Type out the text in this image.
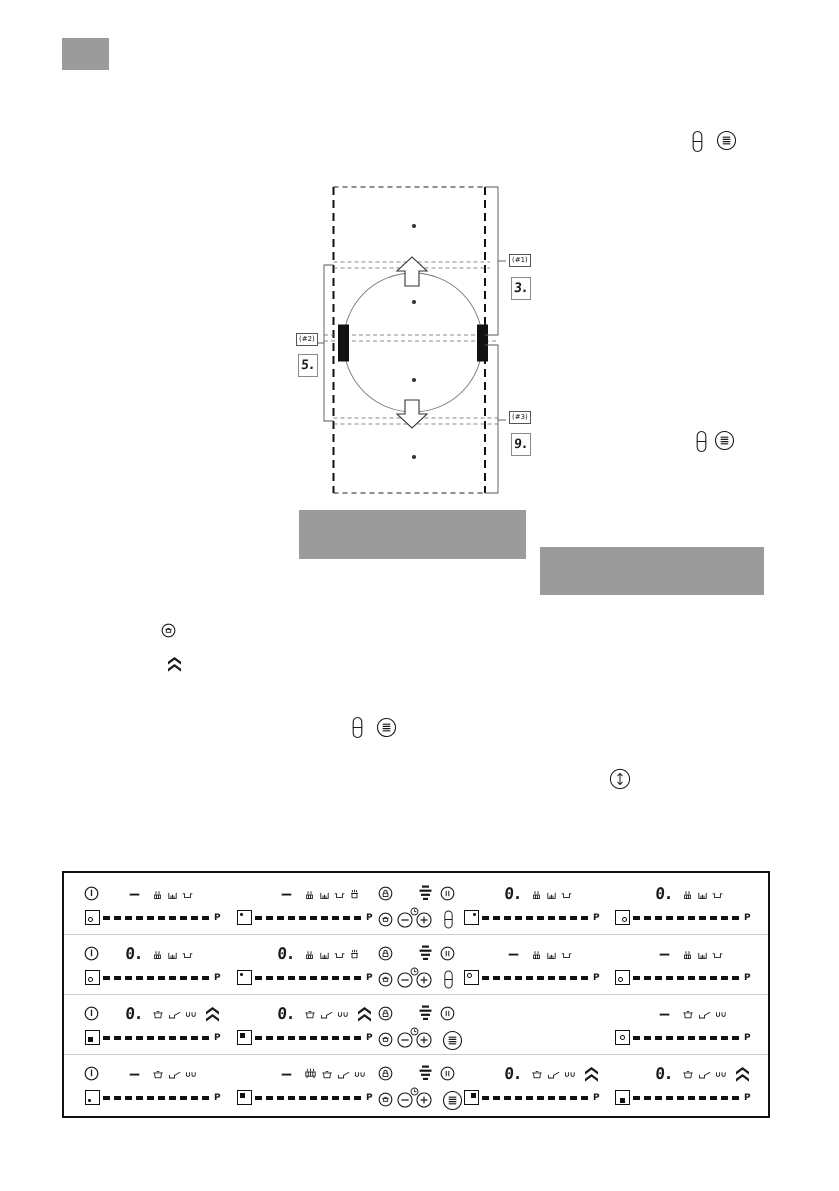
(#1)
3.
(#2)
5.
(#3)
9.
–
P
–
P
0.
P
0.
P
0.
P
0.
P
–
P
–
P
0.
P
0.
P
–
P
–
P
–
P
0.
P
0.
P
